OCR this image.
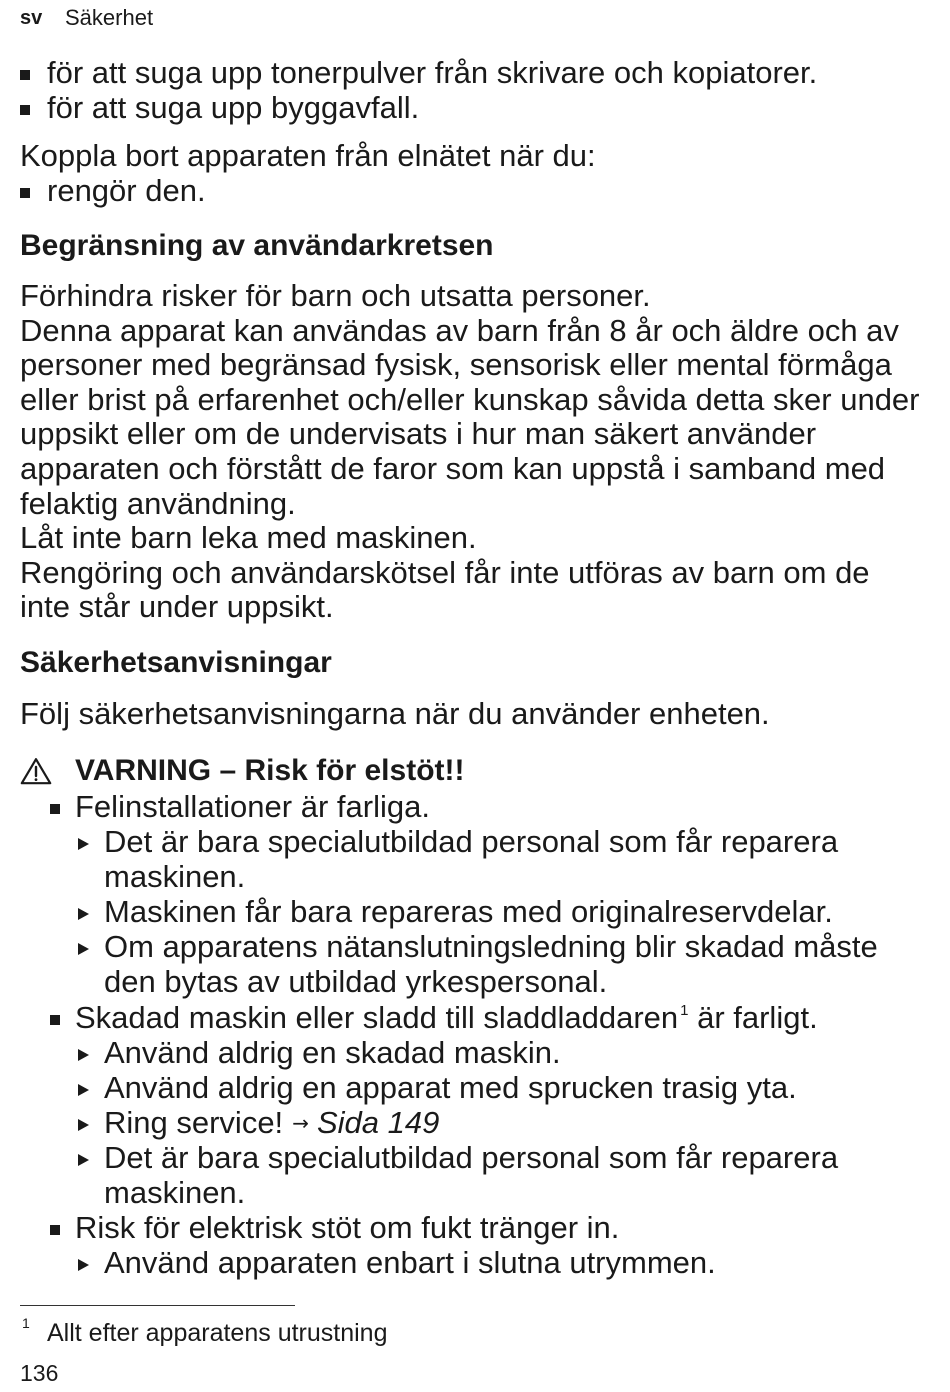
sv Säkerhet
för att suga upp tonerpulver från skrivare och kopiatorer.
för att suga upp byggavfall.
Koppla bort apparaten från elnätet när du:
rengör den.
Begränsning av användarkretsen
Förhindra risker för barn och utsatta personer.
Denna apparat kan användas av barn från 8 år och äldre och av
personer med begränsad fysisk, sensorisk eller mental förmåga
eller brist på erfarenhet och/eller kunskap såvida detta sker under
uppsikt eller om de undervisats i hur man säkert använder
apparaten och förstått de faror som kan uppstå i samband med
felaktig användning.
Låt inte barn leka med maskinen.
Rengöring och användarskötsel får inte utföras av barn om de
inte står under uppsikt.
Säkerhetsanvisningar
Följ säkerhetsanvisningarna när du använder enheten.
VARNING – Risk för elstöt!!
Felinstallationer är farliga.
Det är bara specialutbildad personal som får reparera
maskinen.
Maskinen får bara repareras med originalreservdelar.
Om apparatens nätanslutningsledning blir skadad måste
den bytas av utbildad yrkespersonal.
Skadad maskin eller sladd till sladdladdaren $^1$ är farligt.
Använd aldrig en skadad maskin.
Använd aldrig en apparat med sprucken trasig yta.
Ring service! → Sida 149
Det är bara specialutbildad personal som får reparera
maskinen.
Risk för elektrisk stöt om fukt tränger in.
Använd apparaten enbart i slutna utrymmen.
1 Allt efter apparatens utrustning
136
